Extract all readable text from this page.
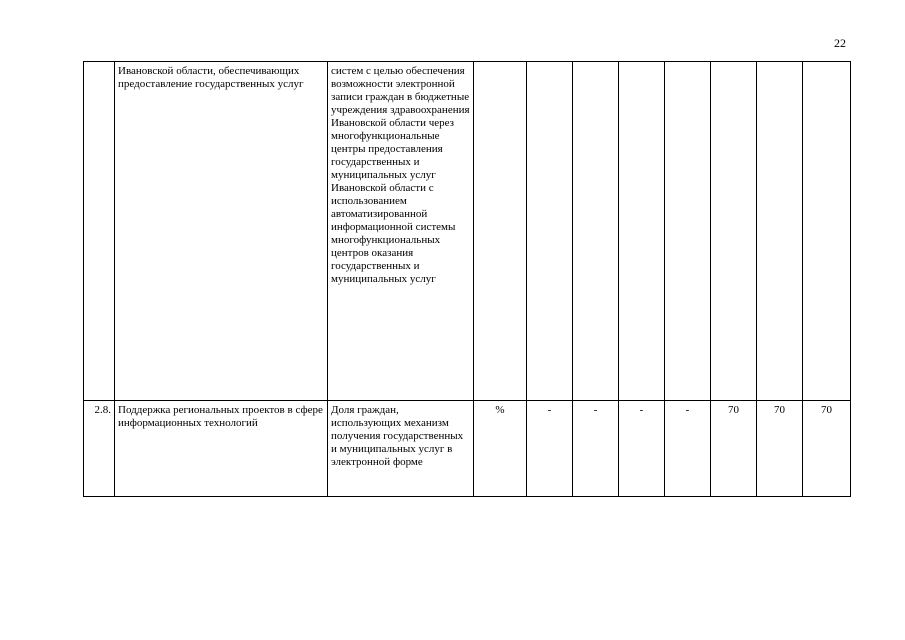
22
	Ивановской области, обеспечивающих предоставление государственных услуг	систем с целью обеспечения возможности электронной записи граждан в бюджетные учреждения здравоохранения Ивановской области через многофункциональные центры предоставления государственных и муниципальных услуг Ивановской области с использованием автоматизированной информационной системы многофункциональных центров оказания государственных и муниципальных услуг								
2.8.	Поддержка региональных проектов в сфере информационных технологий	Доля граждан, использующих механизм получения государственных и муниципальных услуг в электронной форме	%	-	-	-	-	70	70	70
